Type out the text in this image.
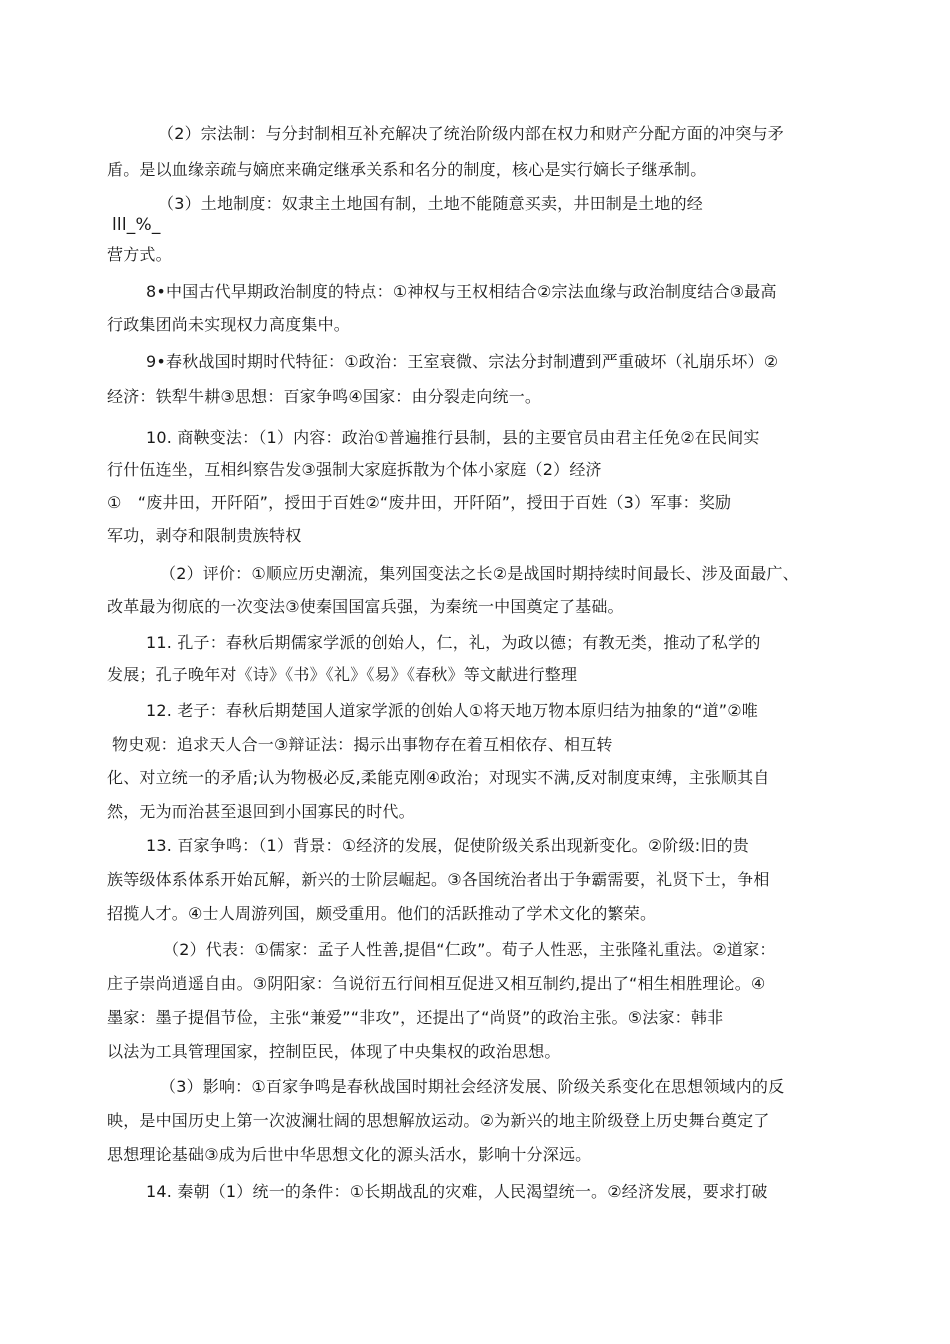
（2）宗法制：与分封制相互补充解决了统治阶级内部在权力和财产分配方面的冲突与矛
盾。是以血缘亲疏与嫡庶来确定继承关系和名分的制度，核心是实行嫡长子继承制。
（3）土地制度：奴隶主土地国有制，土地不能随意买卖，井田制是土地的经
lll_%_
营方式。
8•中国古代早期政治制度的特点：①神权与王权相结合②宗法血缘与政治制度结合③最高
行政集团尚未实现权力高度集中。
9•春秋战国时期时代特征：①政治：王室衰微、宗法分封制遭到严重破坏（礼崩乐坏）②
经济：铁犁牛耕③思想：百家争鸣④国家：由分裂走向统一。
10. 商鞅变法：（1）内容：政治①普遍推行县制，县的主要官员由君主任免②在民间实
行什伍连坐，互相纠察告发③强制大家庭拆散为个体小家庭（2）经济
①　“废井田，开阡陌”，授田于百姓②“废井田，开阡陌”，授田于百姓（3）军事：奖励
军功，剥夺和限制贵族特权
（2）评价：①顺应历史潮流，集列国变法之长②是战国时期持续时间最长、涉及面最广、
改革最为彻底的一次变法③使秦国国富兵强，为秦统一中国奠定了基础。
11. 孔子：春秋后期儒家学派的创始人，仁，礼，为政以德；有教无类，推动了私学的
发展；孔子晚年对《诗》《书》《礼》《易》《春秋》等文献进行整理
12. 老子：春秋后期楚国人道家学派的创始人①将天地万物本原归结为抽象的“道”②唯
物史观：追求天人合一③辩证法：揭示出事物存在着互相依存、相互转
化、对立统一的矛盾;认为物极必反,柔能克刚④政治；对现实不满,反对制度束缚，主张顺其自
然，无为而治甚至退回到小国寡民的时代。
13. 百家争鸣：（1）背景：①经济的发展，促使阶级关系出现新变化。②阶级:旧的贵
族等级体系体系开始瓦解，新兴的士阶层崛起。③各国统治者出于争霸需要，礼贤下士，争相
招揽人才。④士人周游列国，颇受重用。他们的活跃推动了学术文化的繁荣。
（2）代表：①儒家：孟子人性善,提倡“仁政”。荀子人性恶，主张隆礼重法。②道家：
庄子崇尚逍遥自由。③阴阳家：刍说衍五行间相互促进又相互制约,提出了“相生相胜理论。④
墨家：墨子提倡节俭，主张“兼爱”“非攻”，还提出了“尚贤”的政治主张。⑤法家：韩非
以法为工具管理国家，控制臣民，体现了中央集权的政治思想。
（3）影响：①百家争鸣是春秋战国时期社会经济发展、阶级关系变化在思想领域内的反
映，是中国历史上第一次波澜壮阔的思想解放运动。②为新兴的地主阶级登上历史舞台奠定了
思想理论基础③成为后世中华思想文化的源头活水，影响十分深远。
14. 秦朝（1）统一的条件：①长期战乱的灾难，人民渴望统一。②经济发展，要求打破
